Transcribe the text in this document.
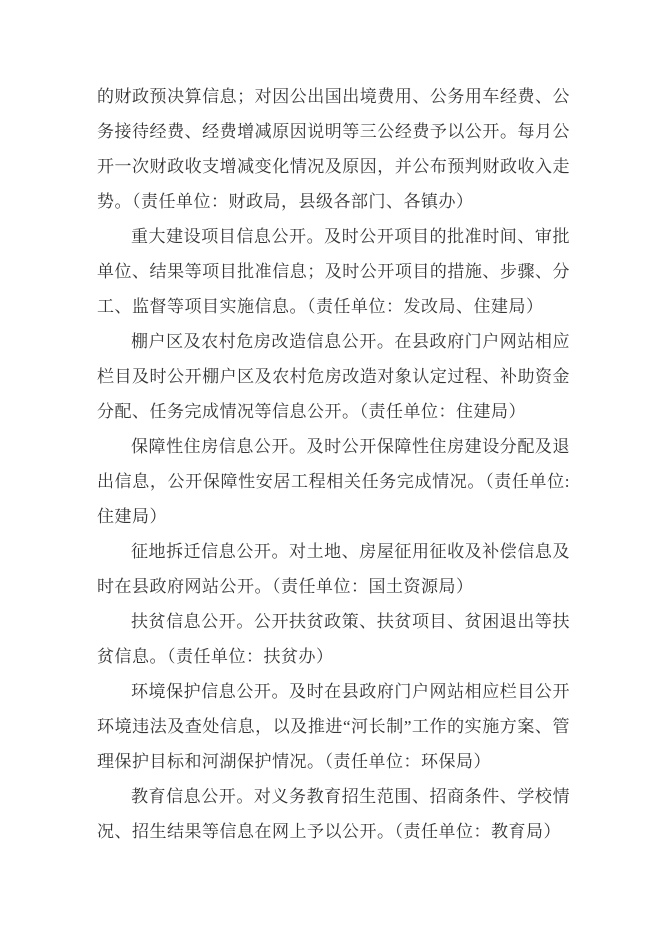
的财政预决算信息；对因公出国出境费用、公务用车经费、公务接待经费、经费增减原因说明等三公经费予以公开。每月公开一次财政收支增减变化情况及原因，并公布预判财政收入走势。（责任单位：财政局，县级各部门、各镇办）

重大建设项目信息公开。及时公开项目的批准时间、审批单位、结果等项目批准信息；及时公开项目的措施、步骤、分工、监督等项目实施信息。（责任单位：发改局、住建局）

棚户区及农村危房改造信息公开。在县政府门户网站相应栏目及时公开棚户区及农村危房改造对象认定过程、补助资金分配、任务完成情况等信息公开。（责任单位：住建局）

保障性住房信息公开。及时公开保障性住房建设分配及退出信息，公开保障性安居工程相关任务完成情况。（责任单位: 住建局）

征地拆迁信息公开。对土地、房屋征用征收及补偿信息及时在县政府网站公开。（责任单位：国土资源局）

扶贫信息公开。公开扶贫政策、扶贫项目、贫困退出等扶贫信息。（责任单位：扶贫办）

环境保护信息公开。及时在县政府门户网站相应栏目公开环境违法及查处信息，以及推进“河长制”工作的实施方案、管理保护目标和河湖保护情况。（责任单位：环保局）

教育信息公开。对义务教育招生范围、招商条件、学校情况、招生结果等信息在网上予以公开。（责任单位：教育局）
